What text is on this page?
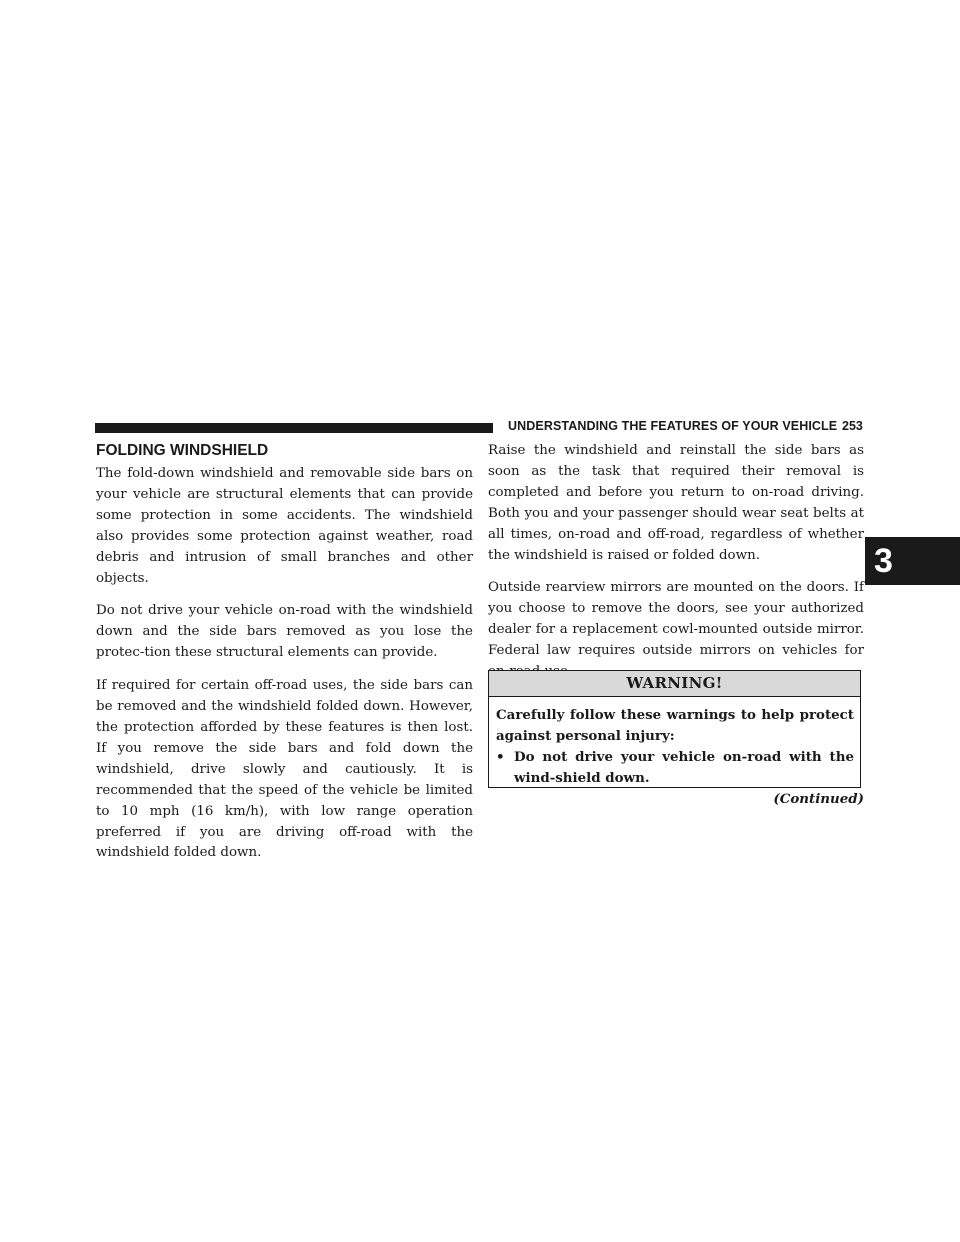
UNDERSTANDING THE FEATURES OF YOUR VEHICLE 253
3
FOLDING WINDSHIELD

The fold-down windshield and removable side bars on your vehicle are structural elements that can provide some protection in some accidents. The windshield also provides some protection against weather, road debris and intrusion of small branches and other objects.

Do not drive your vehicle on-road with the windshield down and the side bars removed as you lose the protec-tion these structural elements can provide.

If required for certain off-road uses, the side bars can be removed and the windshield folded down. However, the protection afforded by these features is then lost. If you remove the side bars and fold down the windshield, drive slowly and cautiously. It is recommended that the speed of the vehicle be limited to 10 mph (16 km/h), with low range operation preferred if you are driving off-road with the windshield folded down.

Raise the windshield and reinstall the side bars as soon as the task that required their removal is completed and before you return to on-road driving. Both you and your passenger should wear seat belts at all times, on-road and off-road, regardless of whether the windshield is raised or folded down.

Outside rearview mirrors are mounted on the doors. If you choose to remove the doors, see your authorized dealer for a replacement cowl-mounted outside mirror. Federal law requires outside mirrors on vehicles for

WARNING!
Carefully follow these warnings to help protect against personal injury:
• Do not drive your vehicle on-road with the wind-shield down.
(Continued)
